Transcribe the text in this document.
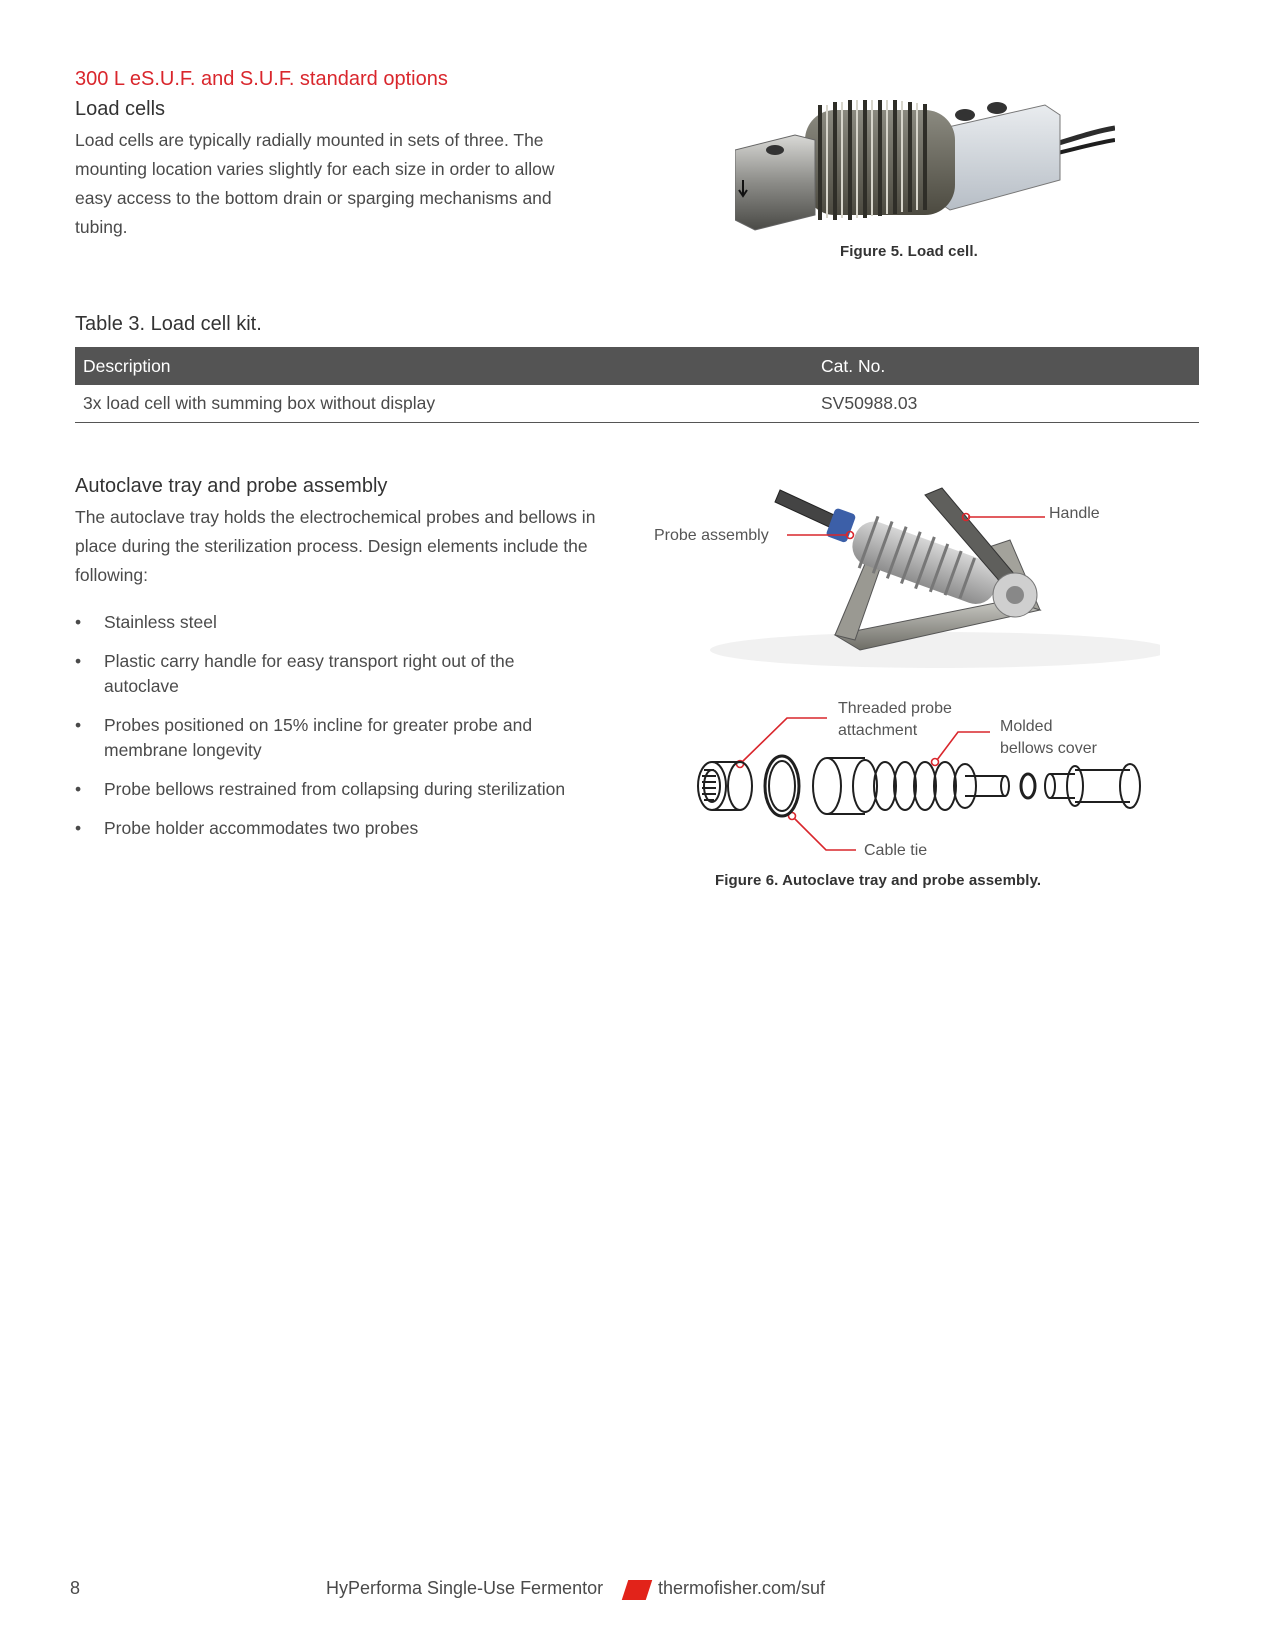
300 L eS.U.F. and S.U.F. standard options
Load cells

Load cells are typically radially mounted in sets of three. The mounting location varies slightly for each size in order to allow easy access to the bottom drain or sparging mechanisms and tubing.

Figure 5. Load cell.
Table 3. Load cell kit.
Description	Cat. No.
3x load cell with summing box without display	SV50988.03
Autoclave tray and probe assembly

The autoclave tray holds the electrochemical probes and bellows in place during the sterilization process. Design elements include the following:

• Stainless steel
• Plastic carry handle for easy transport right out of the autoclave
• Probes positioned on 15% incline for greater probe and membrane longevity
• Probe bellows restrained from collapsing during sterilization
• Probe holder accommodates two probes
Handle
Probe assembly
Threaded probe
attachment	Molded
bellows cover
Cable tie
Figure 6. Autoclave tray and probe assembly.
8	HyPerforma Single-Use Fermentor	thermofisher.com/suf
